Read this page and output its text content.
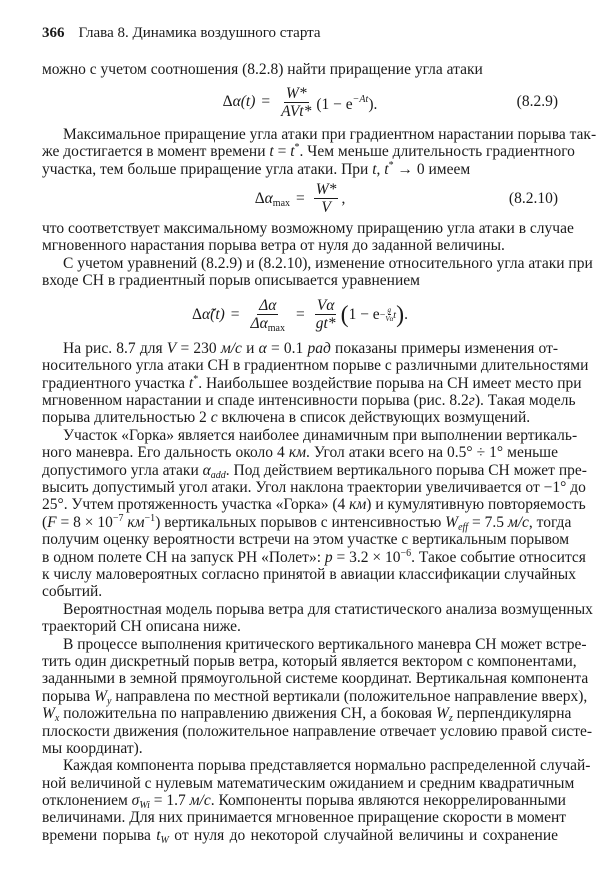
366 Глава 8. Динамика воздушного старта
можно с учетом соотношения (8.2.8) найти приращение угла атаки
$\Delta\alpha(t) = \frac{W*}{\text{AVt*}} (1 - e^{-At})$.	(8.2.9)
Максимальное приращение угла атаки при градиентном нарастании порыва так-
же достигается в момент времени t = t*. Чем меньше длительность градиентного
участка, тем больше приращение угла атаки. При t, t* → 0 имеем
$\Delta\alpha_{max} = \frac{W*}{V}$ ,	(8.2.10)
что соответствует максимальному возможному приращению угла атаки в случае
мгновенного нарастания порыва ветра от нуля до заданной величины.
С учетом уравнений (8.2.9) и (8.2.10), изменение относительного угла атаки при
входе СН в градиентный порыв описывается уравнением
Δα̃(t) = $\frac{\Delta\alpha}{\Delta\alpha_{max}} = \frac{V\alpha}{gt*}$ ( $1 - e - \frac{g}{V\alpha}$ t ) .
На рис. 8.7 для V = 230 м/с и α = 0.1 рад показаны примеры изменения от-
носительного угла атаки СН в градиентном порыве с различными длительностями
градиентного участка t*. Наибольшее воздействие порыва на СН имеет место при
мгновенном нарастании и спаде интенсивности порыва (рис. 8.2г). Такая модель
порыва длительностью 2 с включена в список действующих возмущений.
Участок «Горка» является наиболее динамичным при выполнении вертикаль-
ного маневра. Его дальность около 4 км. Угол атаки всего на 0.5° ÷ 1° меньше
допустимого угла атаки αadd. Под действием вертикального порыва СН может пре-
высить допустимый угол атаки. Угол наклона траектории увеличивается от −1° до
25°. Учтем протяженность участка «Горка» (4 км) и кумулятивную повторяемость
($F = 8 \times 10^{-7}$ $км^{-1}$) вертикальных порывов с интенсивностью Weff = 7.5 м/с, тогда
получим оценку вероятности встречи на этом участке с вертикальным порывом
в одном полете СН на запуск РН «Полет»: $p = 3.2 \times 10^{-6}$. Такое событие относится
к числу маловероятных согласно принятой в авиации классификации случайных
событий.
Вероятностная модель порыва ветра для статистического анализа возмущенных
траекторий СН описана ниже.
В процессе выполнения критического вертикального маневра СН может встре-
тить один дискретный порыв ветра, который является вектором с компонентами,
заданными в земной прямоугольной системе координат. Вертикальная компонента
порыва Wy направлена по местной вертикали (положительное направление вверх),
Wx положительна по направлению движения СН, а боковая Wz перпендикулярна
плоскости движения (положительное направление отвечает условию правой систе-
мы координат).
Каждая компонента порыва представляется нормально распределенной случай-
ной величиной с нулевым математическим ожиданием и средним квадратичным
отклонением σWi = 1.7 м/с. Компоненты порыва являются некоррелированными
величинами. Для них принимается мгновенное приращение скорости в момент
времени порыва tW от нуля до некоторой случайной величины и сохранение
